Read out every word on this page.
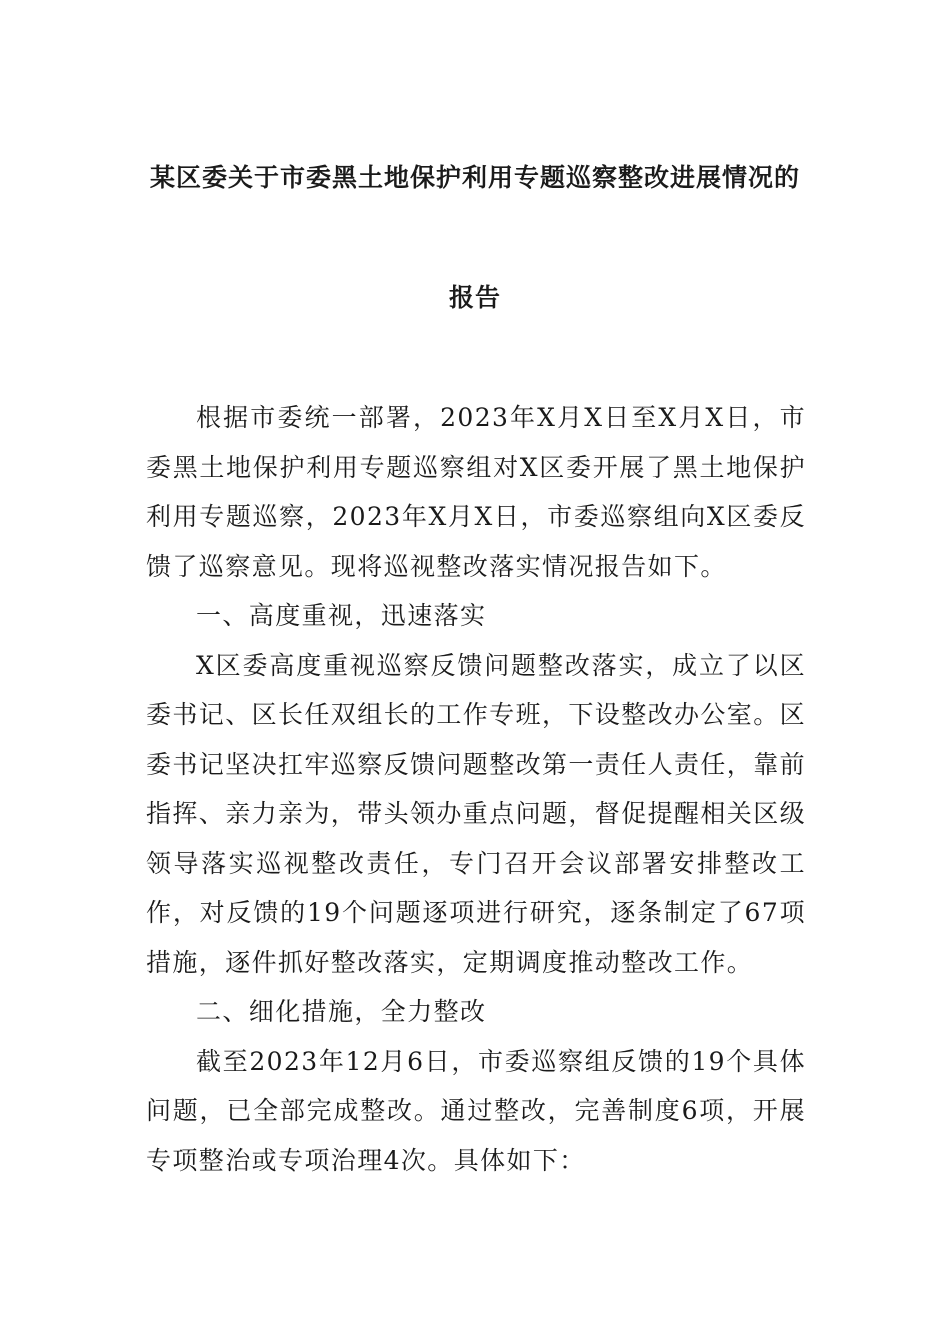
某区委关于市委黑土地保护利用专题巡察整改进展情况的
报告

根据市委统一部署，2023年X月X日至X月X日，市委黑土地保护利用专题巡察组对X区委开展了黑土地保护利用专题巡察，2023年X月X日，市委巡察组向X区委反馈了巡察意见。现将巡视整改落实情况报告如下。

一、高度重视，迅速落实

X区委高度重视巡察反馈问题整改落实，成立了以区委书记、区长任双组长的工作专班，下设整改办公室。区委书记坚决扛牢巡察反馈问题整改第一责任人责任，靠前指挥、亲力亲为，带头领办重点问题，督促提醒相关区级领导落实巡视整改责任，专门召开会议部署安排整改工作，对反馈的19个问题逐项进行研究，逐条制定了67项措施，逐件抓好整改落实，定期调度推动整改工作。

二、细化措施，全力整改

截至2023年12月6日，市委巡察组反馈的19个具体问题，已全部完成整改。通过整改，完善制度6项，开展专项整治或专项治理4次。具体如下：
